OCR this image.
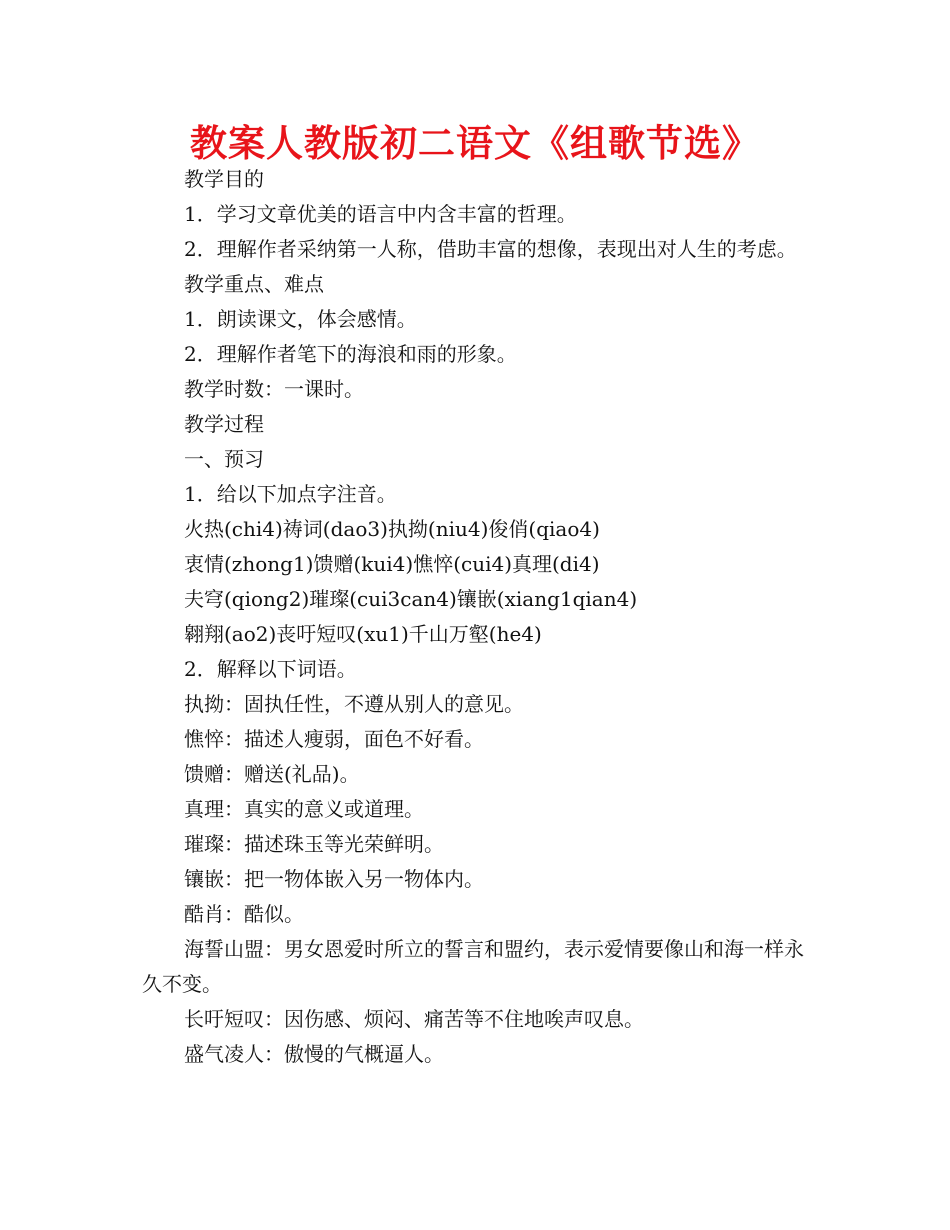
教案人教版初二语文《组歌节选》

教学目的

1．学习文章优美的语言中内含丰富的哲理。

2．理解作者采纳第一人称，借助丰富的想像，表现出对人生的考虑。

教学重点、难点

1．朗读课文，体会感情。

2．理解作者笔下的海浪和雨的形象。

教学时数：一课时。

教学过程

一、预习

1．给以下加点字注音。

火热(chi4)祷词(dao3)执拗(niu4)俊俏(qiao4)

衷情(zhong1)馈赠(kui4)憔悴(cui4)真理(di4)

夫穹(qiong2)璀璨(cui3can4)镶嵌(xiang1qian4)

翱翔(ao2)丧吁短叹(xu1)千山万壑(he4)

2．解释以下词语。

执拗：固执任性，不遵从别人的意见。

憔悴：描述人瘦弱，面色不好看。

馈赠：赠送(礼品)。

真理：真实的意义或道理。

璀璨：描述珠玉等光荣鲜明。

镶嵌：把一物体嵌入另一物体内。

酷肖：酷似。

海誓山盟：男女恩爱时所立的誓言和盟约，表示爱情要像山和海一样永久不变。

长吁短叹：因伤感、烦闷、痛苦等不住地唉声叹息。

盛气凌人：傲慢的气概逼人。
